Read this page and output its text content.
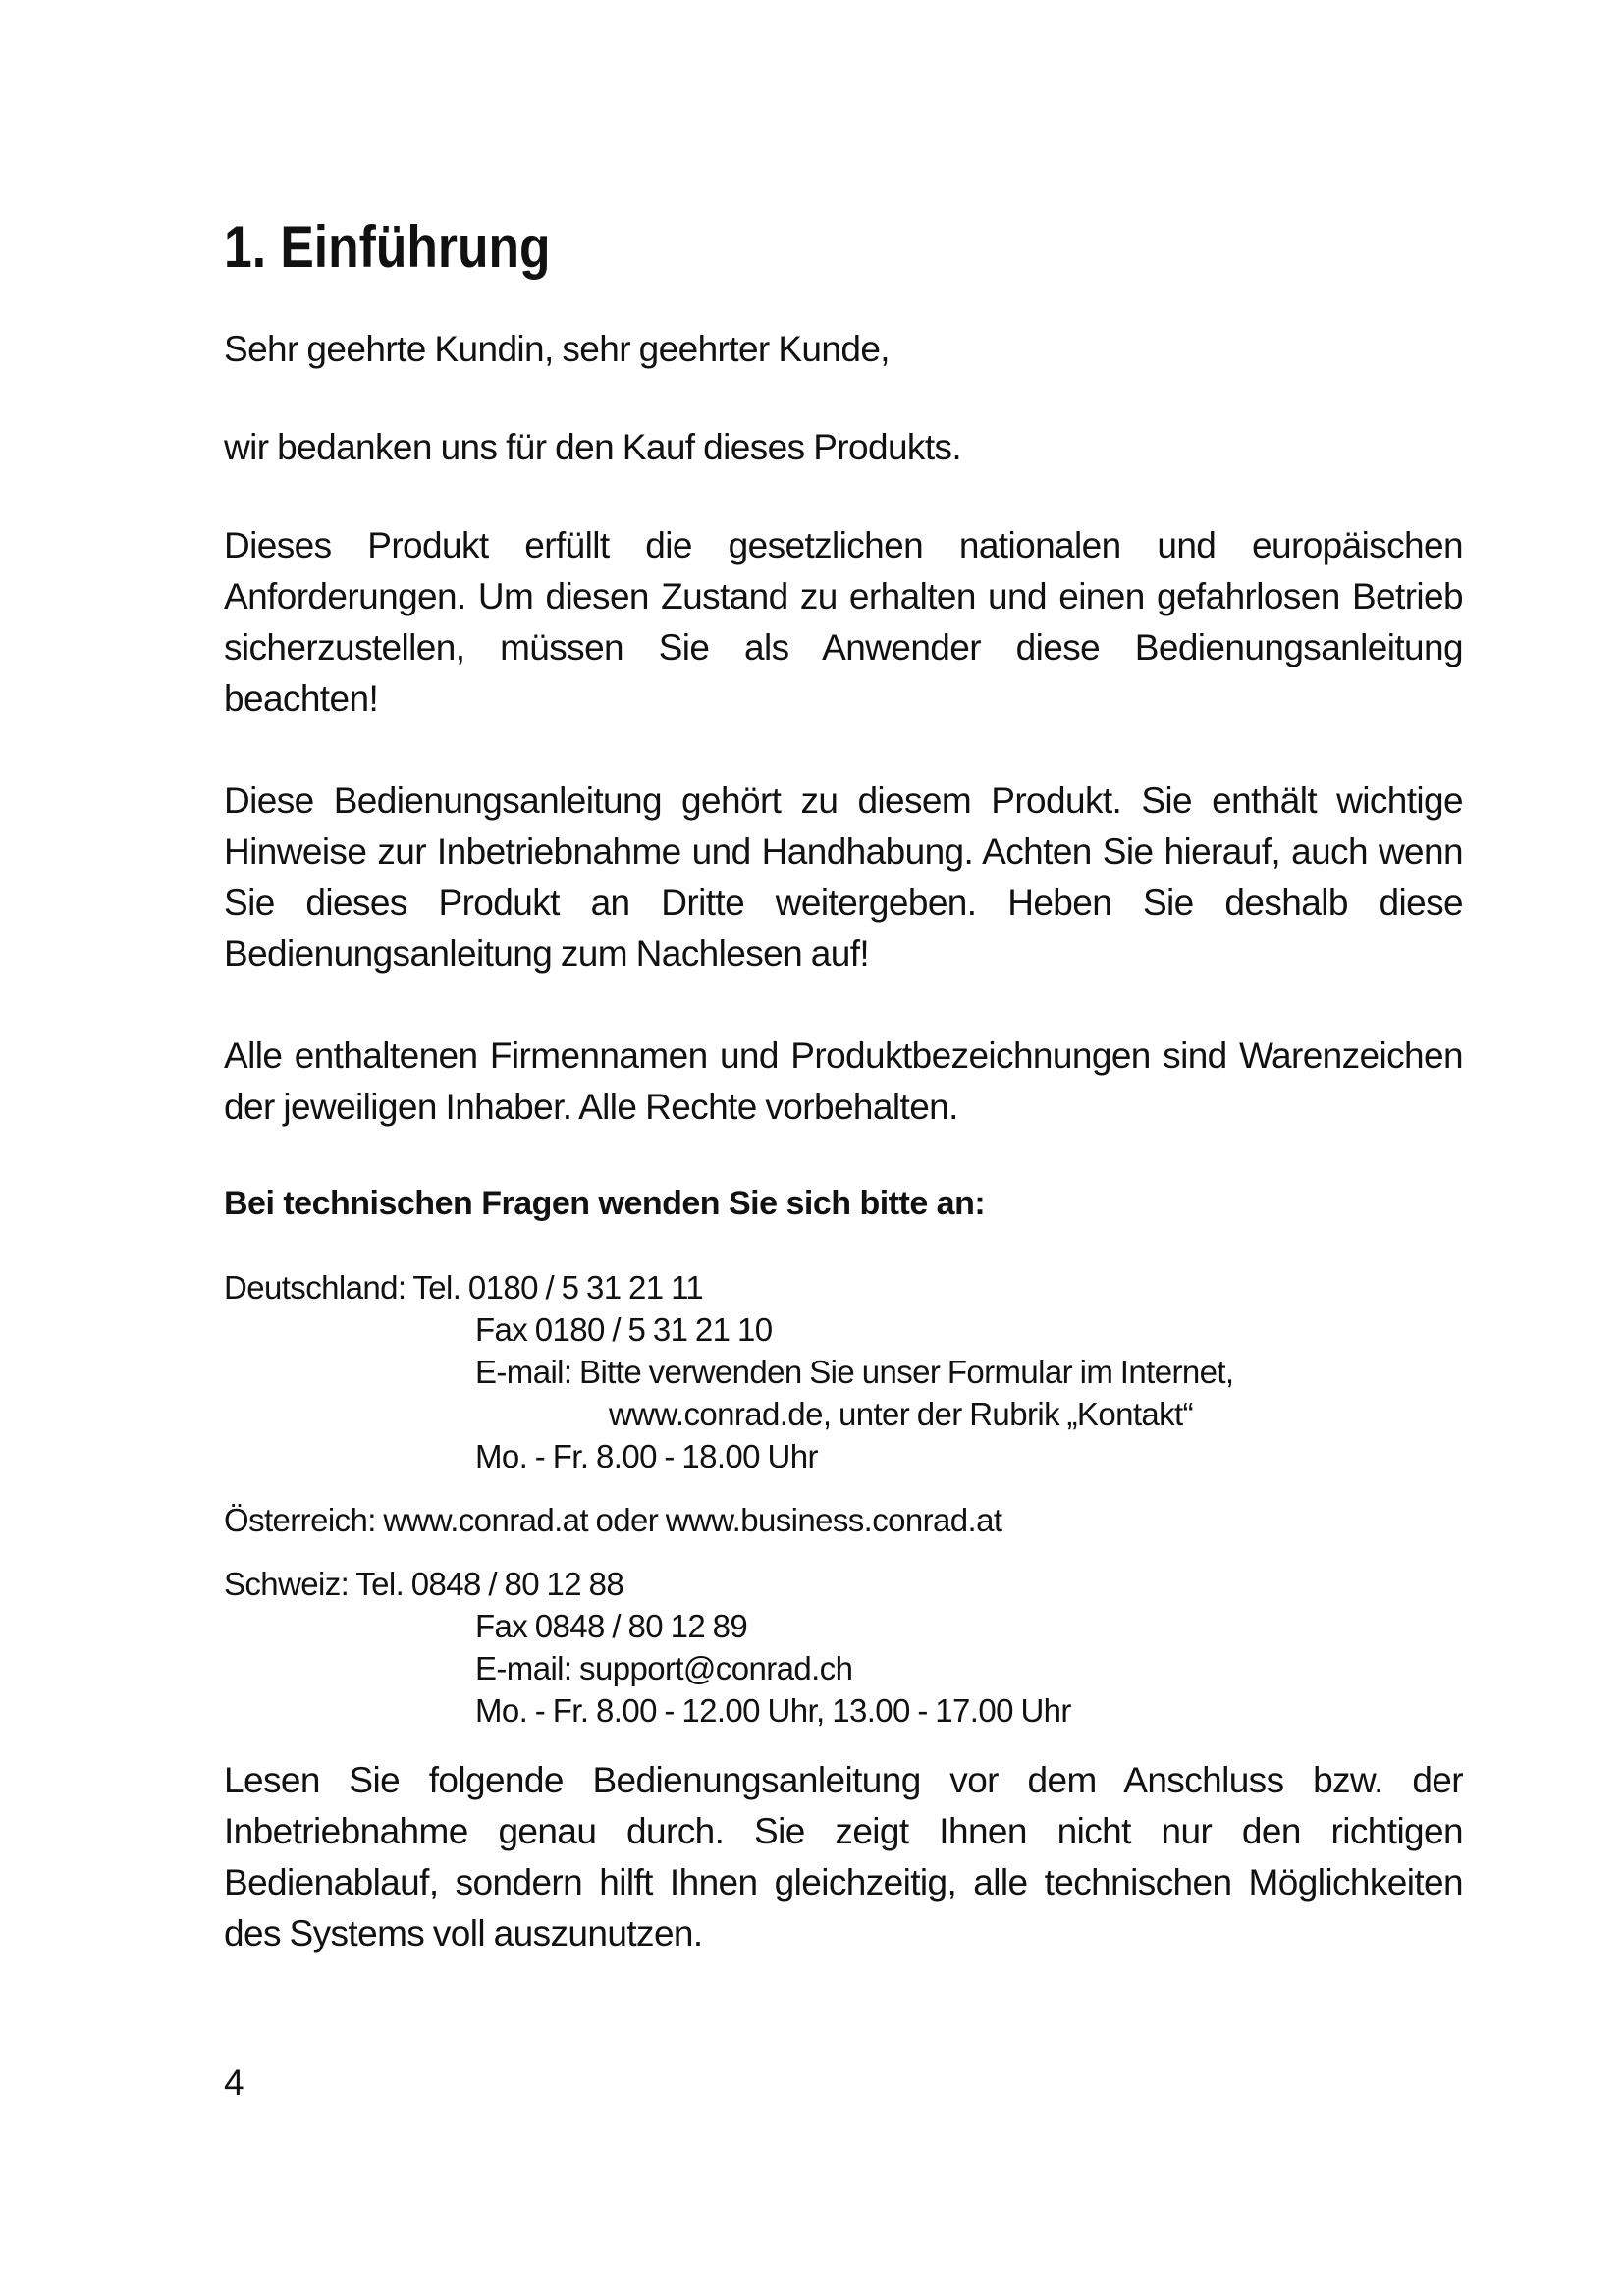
1. Einführung

Sehr geehrte Kundin, sehr geehrter Kunde,

wir bedanken uns für den Kauf dieses Produkts.

Dieses Produkt erfüllt die gesetzlichen nationalen und europäischen Anforderungen. Um diesen Zustand zu erhalten und einen gefahrlosen Betrieb sicherzustellen, müssen Sie als Anwender diese Bedienungsanleitung beachten!

Diese Bedienungsanleitung gehört zu diesem Produkt. Sie enthält wichtige Hinweise zur Inbetriebnahme und Handhabung. Achten Sie hierauf, auch wenn Sie dieses Produkt an Dritte weitergeben. Heben Sie deshalb diese Bedienungsanleitung zum Nachlesen auf!

Alle enthaltenen Firmennamen und Produktbezeichnungen sind Warenzeichen der jeweiligen Inhaber. Alle Rechte vorbehalten.

Bei technischen Fragen wenden Sie sich bitte an:

Deutschland: Tel. 0180 / 5 31 21 11
Fax 0180 / 5 31 21 10
E-mail: Bitte verwenden Sie unser Formular im Internet,
www.conrad.de, unter der Rubrik „Kontakt“
Mo. - Fr. 8.00 - 18.00 Uhr
Österreich: www.conrad.at oder www.business.conrad.at
Schweiz: Tel. 0848 / 80 12 88
Fax 0848 / 80 12 89
E-mail: support@conrad.ch
Mo. - Fr. 8.00 - 12.00 Uhr, 13.00 - 17.00 Uhr

Lesen Sie folgende Bedienungsanleitung vor dem Anschluss bzw. der Inbetriebnahme genau durch. Sie zeigt Ihnen nicht nur den richtigen Bedienablauf, sondern hilft Ihnen gleichzeitig, alle technischen Möglichkeiten des Systems voll auszunutzen.

4
